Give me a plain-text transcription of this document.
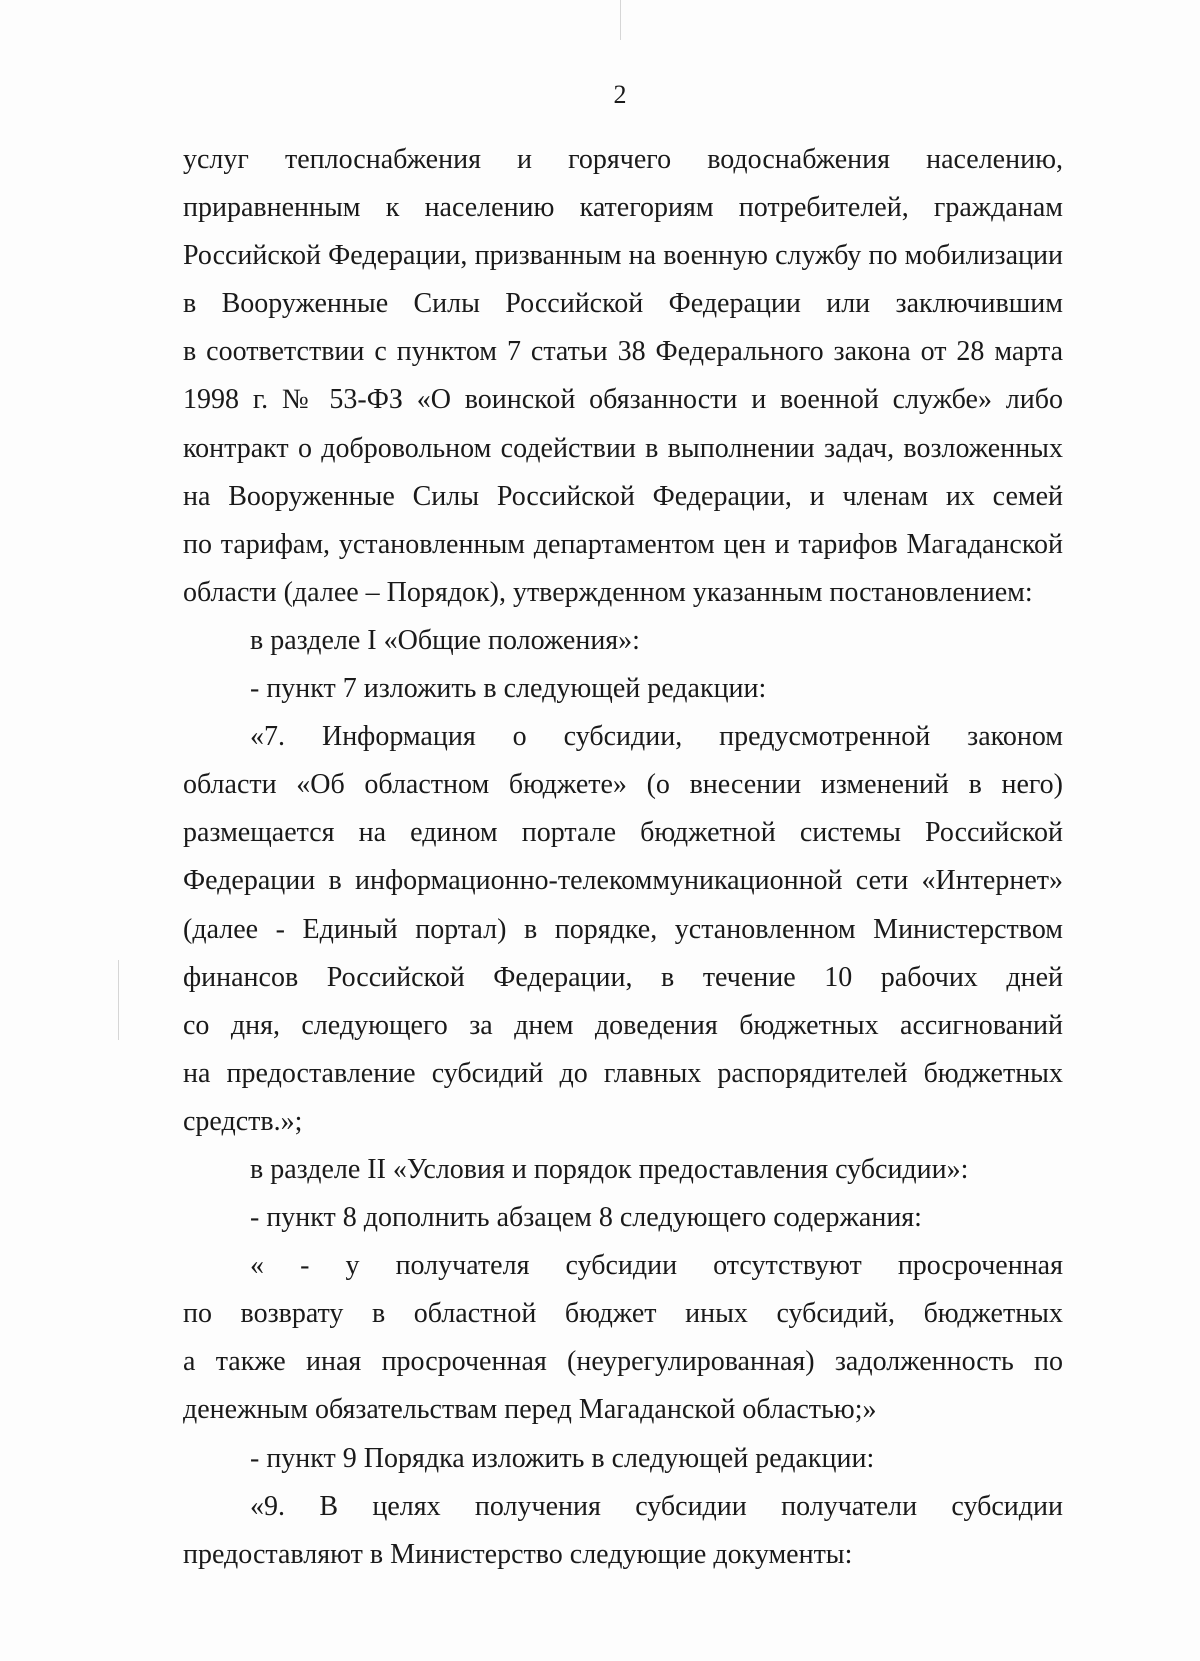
2
услуг теплоснабжения и горячего водоснабжения населению,
приравненным к населению категориям потребителей, гражданам
Российской Федерации, призванным на военную службу по мобилизации
в Вооруженные Силы Российской Федерации или заключившим
в соответствии с пунктом 7 статьи 38 Федерального закона от 28 марта
1998 г. № 53-ФЗ «О воинской обязанности и военной службе» либо
контракт о добровольном содействии в выполнении задач, возложенных
на Вооруженные Силы Российской Федерации, и членам их семей
по тарифам, установленным департаментом цен и тарифов Магаданской
области (далее – Порядок), утвержденном указанным постановлением:
в разделе I «Общие положения»:
- пункт 7 изложить в следующей редакции:
«7. Информация о субсидии, предусмотренной законом
области «Об областном бюджете» (о внесении изменений в него)
размещается на едином портале бюджетной системы Российской
Федерации в информационно-телекоммуникационной сети «Интернет»
(далее - Единый портал) в порядке, установленном Министерством
финансов Российской Федерации, в течение 10 рабочих дней
со дня, следующего за днем доведения бюджетных ассигнований
на предоставление субсидий до главных распорядителей бюджетных
средств.»;
в разделе II «Условия и порядок предоставления субсидии»:
- пункт 8 дополнить абзацем 8 следующего содержания:
« - у получателя субсидии отсутствуют просроченная
по возврату в областной бюджет иных субсидий, бюджетных
а также иная просроченная (неурегулированная) задолженность по
денежным обязательствам перед Магаданской областью;»
- пункт 9 Порядка изложить в следующей редакции:
«9. В целях получения субсидии получатели субсидии
предоставляют в Министерство следующие документы:
